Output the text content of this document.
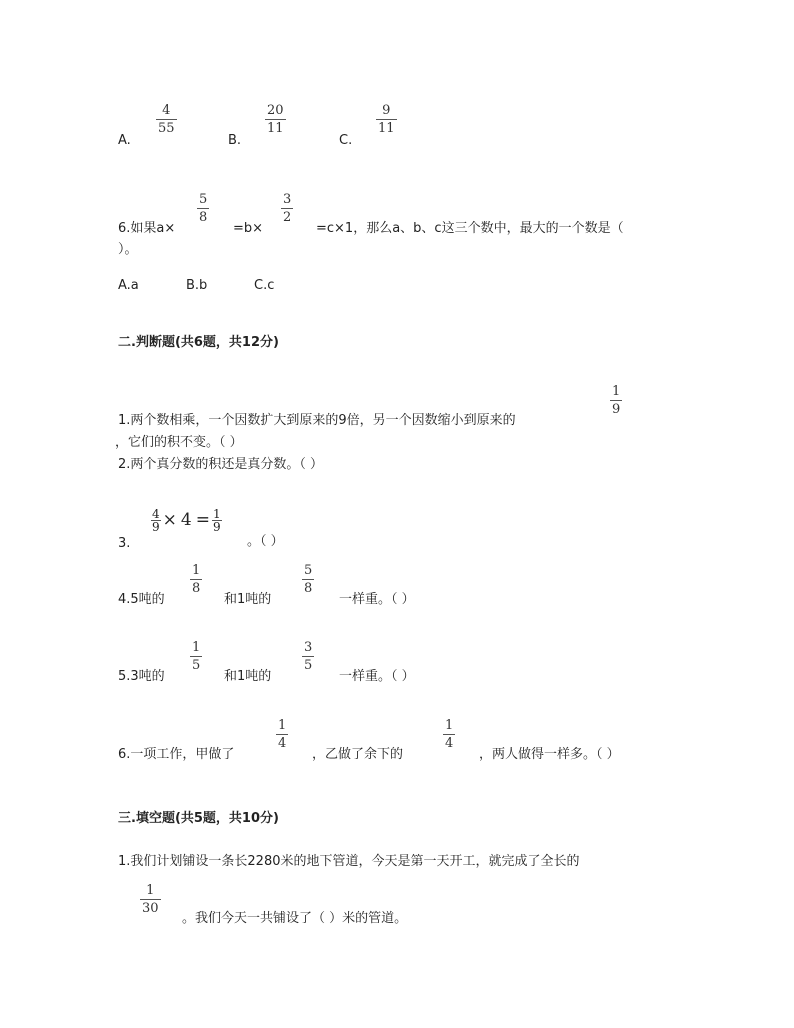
A.
4
55
B.
20
11
C.
9
11
6.如果a×
5
8
=b×
3
2
=c×1，那么a、b、c这三个数中，最大的一个数是（
）。
A.a	B.b	C.c
二.判断题(共6题，共12分)
1.两个数相乘，一个因数扩大到原来的9倍，另一个因数缩小到原来的
1
9
，它们的积不变。（ ）
2.两个真分数的积还是真分数。（ ）
3.
$\frac{4}{9} \times 4 = \frac{1}{9}$
。（ ）
4.5吨的
1
8
和1吨的
5
8
一样重。（ ）
5.3吨的
1
5
和1吨的
3
5
一样重。（ ）
6.一项工作，甲做了
1
4
，乙做了余下的
1
4
，两人做得一样多。（ ）
三.填空题(共5题，共10分)
1.我们计划铺设一条长2280米的地下管道，今天是第一天开工，就完成了全长的
1
30
。我们今天一共铺设了（ ）米的管道。
